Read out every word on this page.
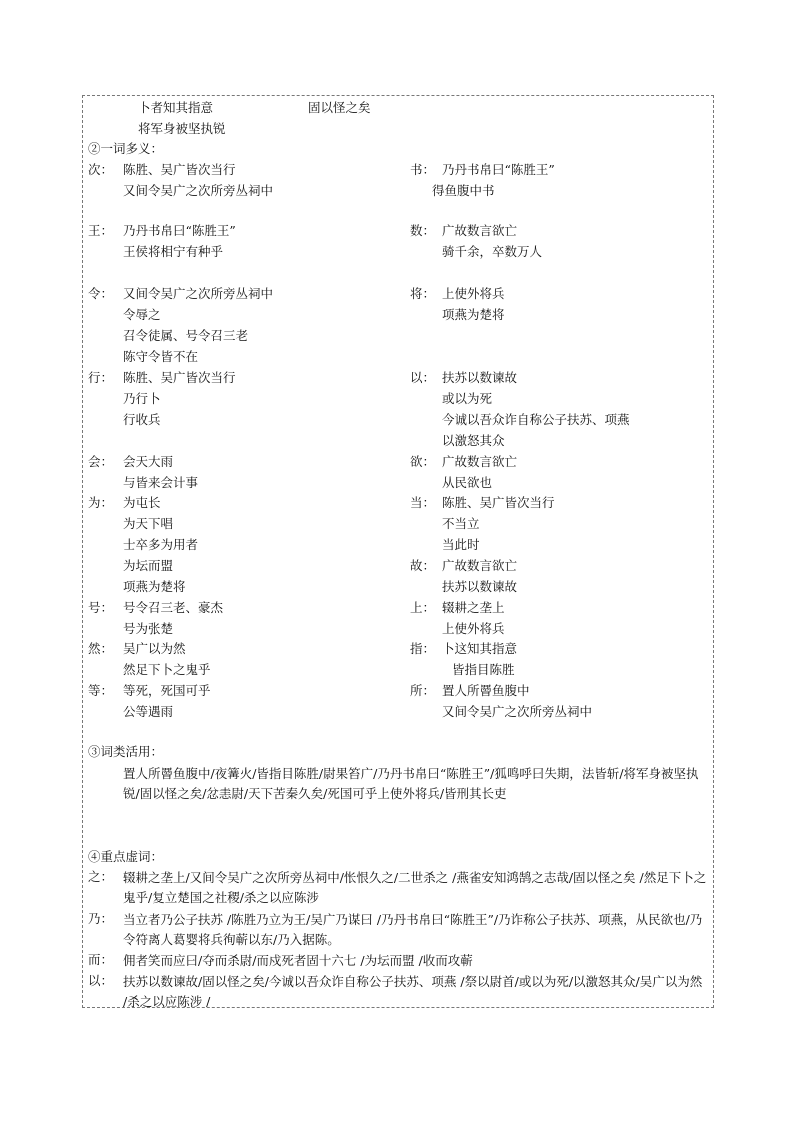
卜者知其指意	固以怪之矣
将军身被坚执锐
②一词多义：
次： 陈胜、吴广皆次当行
又间令吴广之次所旁丛祠中
书： 乃丹书帛曰“陈胜王”
得鱼腹中书
王： 乃丹书帛曰“陈胜王”
王侯将相宁有种乎
数： 广故数言欲亡
骑千余，卒数万人
令： 又间令吴广之次所旁丛祠中
令辱之
召令徒属、号令召三老
陈守令皆不在
将： 上使外将兵
项燕为楚将
行： 陈胜、吴广皆次当行
乃行卜
行收兵
以： 扶苏以数谏故
或以为死
今诚以吾众诈自称公子扶苏、项燕
以激怒其众
会： 会天大雨
与皆来会计事
欲： 广故数言欲亡
从民欲也
为： 为屯长
为天下唱
士卒多为用者
为坛而盟
项燕为楚将
当： 陈胜、吴广皆次当行
不当立
当此时
故： 广故数言欲亡
扶苏以数谏故
号： 号令召三老、豪杰
号为张楚
上： 辍耕之垄上
上使外将兵
然： 吴广以为然
然足下卜之鬼乎
指： 卜这知其指意
皆指目陈胜
等： 等死，死国可乎
公等遇雨
所： 置人所罾鱼腹中
又间令吴广之次所旁丛祠中
③词类活用：
置人所罾鱼腹中/夜篝火/皆指目陈胜/尉果笞广/乃丹书帛曰“陈胜王”/狐鸣呼曰失期，法皆斩/将军身被坚执锐/固以怪之矣/忿恚尉/天下苦秦久矣/死国可乎上使外将兵/皆刑其长吏
④重点虚词：
之： 辍耕之垄上/又间令吴广之次所旁丛祠中/怅恨久之/二世杀之 /燕雀安知鸿鹄之志哉/固以怪之矣 /然足下卜之鬼乎/复立楚国之社稷/杀之以应陈涉
乃： 当立者乃公子扶苏 /陈胜乃立为王/吴广乃谋曰 /乃丹书帛曰“陈胜王”/乃诈称公子扶苏、项燕，从民欲也/乃令符离人葛婴将兵徇蕲以东/乃入据陈。
而： 佣者笑而应曰/夺而杀尉/而戍死者固十六七 /为坛而盟 /收而攻蕲
以： 扶苏以数谏故/固以怪之矣/今诚以吾众诈自称公子扶苏、项燕 /祭以尉首/或以为死/以激怒其众/吴广以为然 /杀之以应陈涉 /
